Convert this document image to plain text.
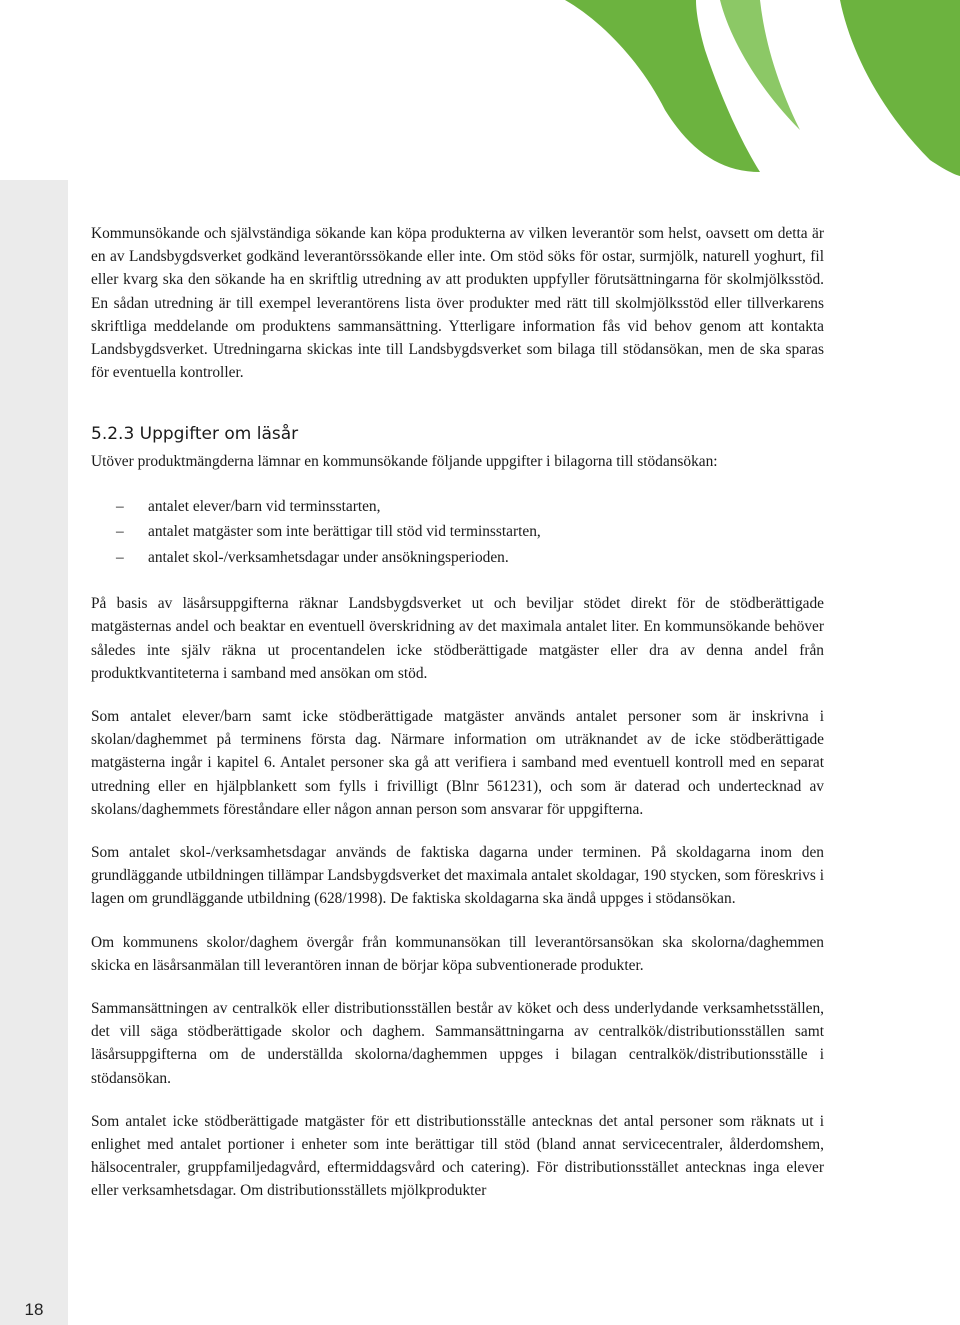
18

Kommunsökande och självständiga sökande kan köpa produkterna av vilken leverantör som helst, oavsett om detta är en av Landsbygdsverket godkänd leverantörssökande eller inte. Om stöd söks för ostar, surmjölk, naturell yoghurt, fil eller kvarg ska den sökande ha en skriftlig utredning av att produkten uppfyller förutsättningarna för skolmjölksstöd. En sådan utredning är till exempel leverantörens lista över produkter med rätt till skolmjölksstöd eller tillverkarens skriftliga meddelande om produktens sammansättning. Ytterligare information fås vid behov genom att kontakta Landsbygdsverket. Utredningarna skickas inte till Landsbygdsverket som bilaga till stödansökan, men de ska sparas för eventuella kontroller.

5.2.3 Uppgifter om läsår

Utöver produktmängderna lämnar en kommunsökande följande uppgifter i bilagorna till stödansökan:

– antalet elever/barn vid terminsstarten,
– antalet matgäster som inte berättigar till stöd vid terminsstarten,
– antalet skol-/verksamhetsdagar under ansökningsperioden.

På basis av läsårsuppgifterna räknar Landsbygdsverket ut och beviljar stödet direkt för de stödberättigade matgästernas andel och beaktar en eventuell överskridning av det maximala antalet liter. En kommunsökande behöver således inte själv räkna ut procentandelen icke stödberättigade matgäster eller dra av denna andel från produktkvantiteterna i samband med ansökan om stöd.

Som antalet elever/barn samt icke stödberättigade matgäster används antalet personer som är inskrivna i skolan/daghemmet på terminens första dag. Närmare information om uträknandet av de icke stödberättigade matgästerna ingår i kapitel 6. Antalet personer ska gå att verifiera i samband med eventuell kontroll med en separat utredning eller en hjälpblankett som fylls i frivilligt (Blnr 561231), och som är daterad och undertecknad av skolans/daghemmets föreståndare eller någon annan person som ansvarar för uppgifterna.

Som antalet skol-/verksamhetsdagar används de faktiska dagarna under terminen. På skoldagarna inom den grundläggande utbildningen tillämpar Landsbygdsverket det maximala antalet skoldagar, 190 stycken, som föreskrivs i lagen om grundläggande utbildning (628/1998). De faktiska skoldagarna ska ändå uppges i stödansökan.

Om kommunens skolor/daghem övergår från kommunansökan till leverantörsansökan ska skolorna/daghemmen skicka en läsårsanmälan till leverantören innan de börjar köpa subventionerade produkter.

Sammansättningen av centralkök eller distributionsställen består av köket och dess underlydande verksamhetsställen, det vill säga stödberättigade skolor och daghem. Sammansättningarna av centralkök/distributionsställen samt läsårsuppgifterna om de underställda skolorna/daghemmen uppges i bilagan centralkök/distributionsställe i stödansökan.

Som antalet icke stödberättigade matgäster för ett distributionsställe antecknas det antal personer som räknats ut i enlighet med antalet portioner i enheter som inte berättigar till stöd (bland annat servicecentraler, ålderdomshem, hälsocentraler, gruppfamiljedagvård, eftermiddagsvård och catering). För distributionsstället antecknas inga elever eller verksamhetsdagar. Om distributionsställets mjölkprodukter
